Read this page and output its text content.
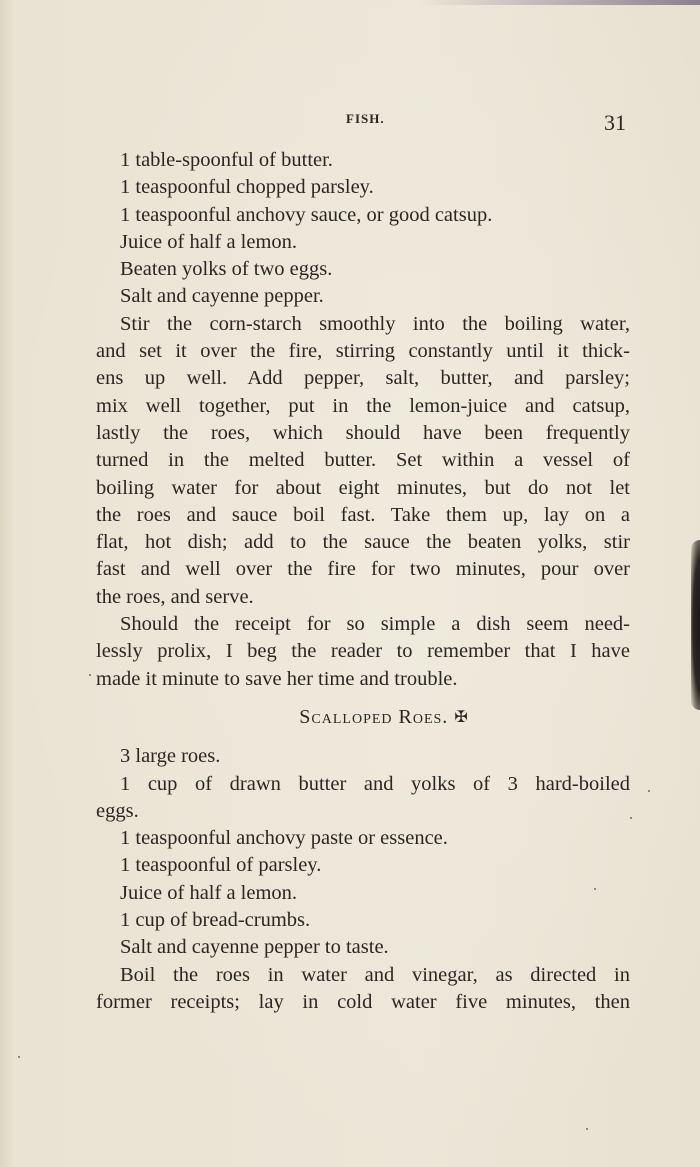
FISH.	31
1 table-spoonful of butter.
1 teaspoonful chopped parsley.
1 teaspoonful anchovy sauce, or good catsup.
Juice of half a lemon.
Beaten yolks of two eggs.
Salt and cayenne pepper.
Stir the corn-starch smoothly into the boiling water,
and set it over the fire, stirring constantly until it thick-
ens up well. Add pepper, salt, butter, and parsley;
mix well together, put in the lemon-juice and catsup,
lastly the roes, which should have been frequently
turned in the melted butter. Set within a vessel of
boiling water for about eight minutes, but do not let
the roes and sauce boil fast. Take them up, lay on a
flat, hot dish; add to the sauce the beaten yolks, stir
fast and well over the fire for two minutes, pour over
the roes, and serve.
Should the receipt for so simple a dish seem need-
lessly prolix, I beg the reader to remember that I have
made it minute to save her time and trouble.
Scalloped Roes. ✠
3 large roes.
1 cup of drawn butter and yolks of 3 hard-boiled
eggs.
1 teaspoonful anchovy paste or essence.
1 teaspoonful of parsley.
Juice of half a lemon.
1 cup of bread-crumbs.
Salt and cayenne pepper to taste.
Boil the roes in water and vinegar, as directed in
former receipts; lay in cold water five minutes, then
